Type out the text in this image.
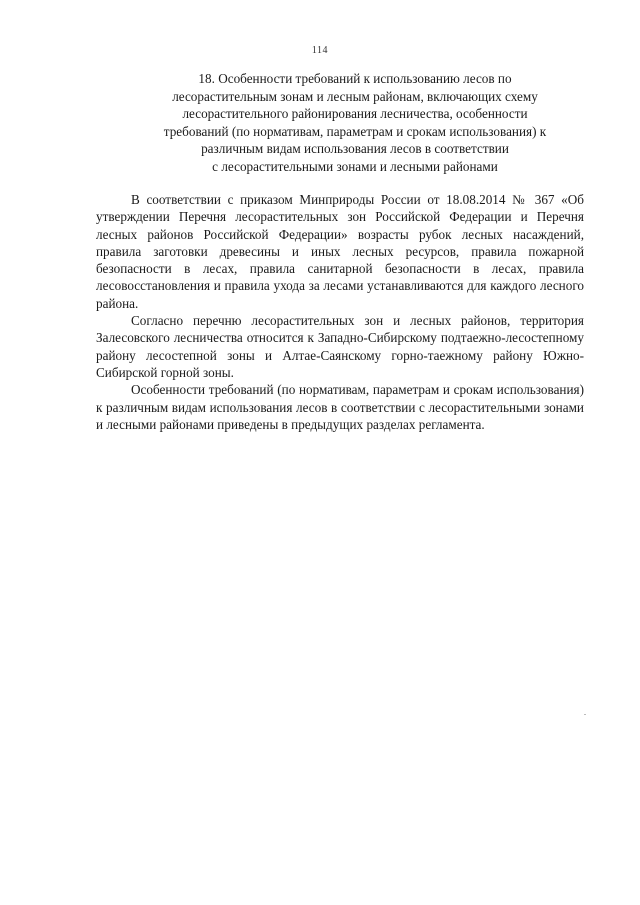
114
18. Особенности требований к использованию лесов по
лесорастительным зонам и лесным районам, включающих схему
лесорастительного районирования лесничества, особенности
требований (по нормативам, параметрам и срокам использования) к
различным видам использования лесов в соответствии
с лесорастительными зонами и лесными районами

В соответствии с приказом Минприроды России от 18.08.2014 № 367 «Об утверждении Перечня лесорастительных зон Российской Федерации и Перечня лесных районов Российской Федерации» возрасты рубок лесных насаждений, правила заготовки древесины и иных лесных ресурсов, правила пожарной безопасности в лесах, правила санитарной безопасности в лесах, правила лесовосстановления и правила ухода за лесами устанавливаются для каждого лесного района.

Согласно перечню лесорастительных зон и лесных районов, территория Залесовского лесничества относится к Западно-Сибирскому подтаежно-лесостепному району лесостепной зоны и Алтае-Саянскому горно-таежному району Южно-Сибирской горной зоны.

Особенности требований (по нормативам, параметрам и срокам использования) к различным видам использования лесов в соответствии с лесорастительными зонами и лесными районами приведены в предыдущих разделах регламента.
